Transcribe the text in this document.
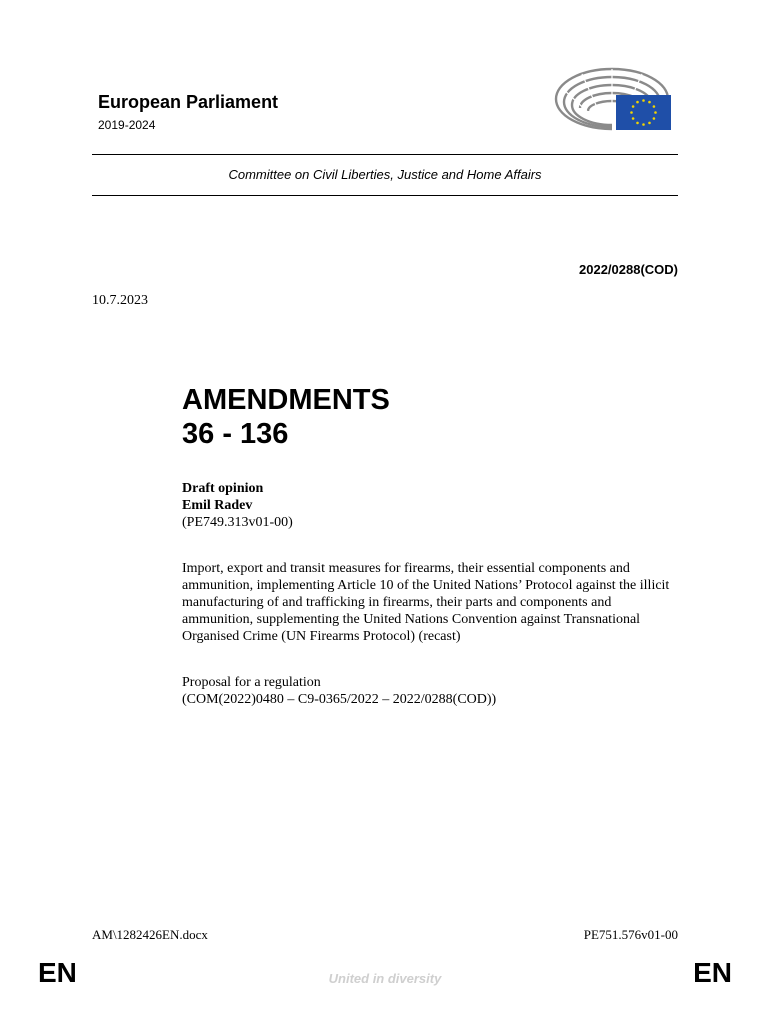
European Parliament
2019-2024
Committee on Civil Liberties, Justice and Home Affairs
2022/0288(COD)
10.7.2023
AMENDMENTS
36 - 136
Draft opinion
Emil Radev
(PE749.313v01-00)
Import, export and transit measures for firearms, their essential components and ammunition, implementing Article 10 of the United Nations’ Protocol against the illicit manufacturing of and trafficking in firearms, their parts and components and ammunition, supplementing the United Nations Convention against Transnational Organised Crime (UN Firearms Protocol) (recast)
Proposal for a regulation
(COM(2022)0480 – C9-0365/2022 – 2022/0288(COD))
AM\1282426EN.docx	PE751.576v01-00
EN	United in diversity	EN
